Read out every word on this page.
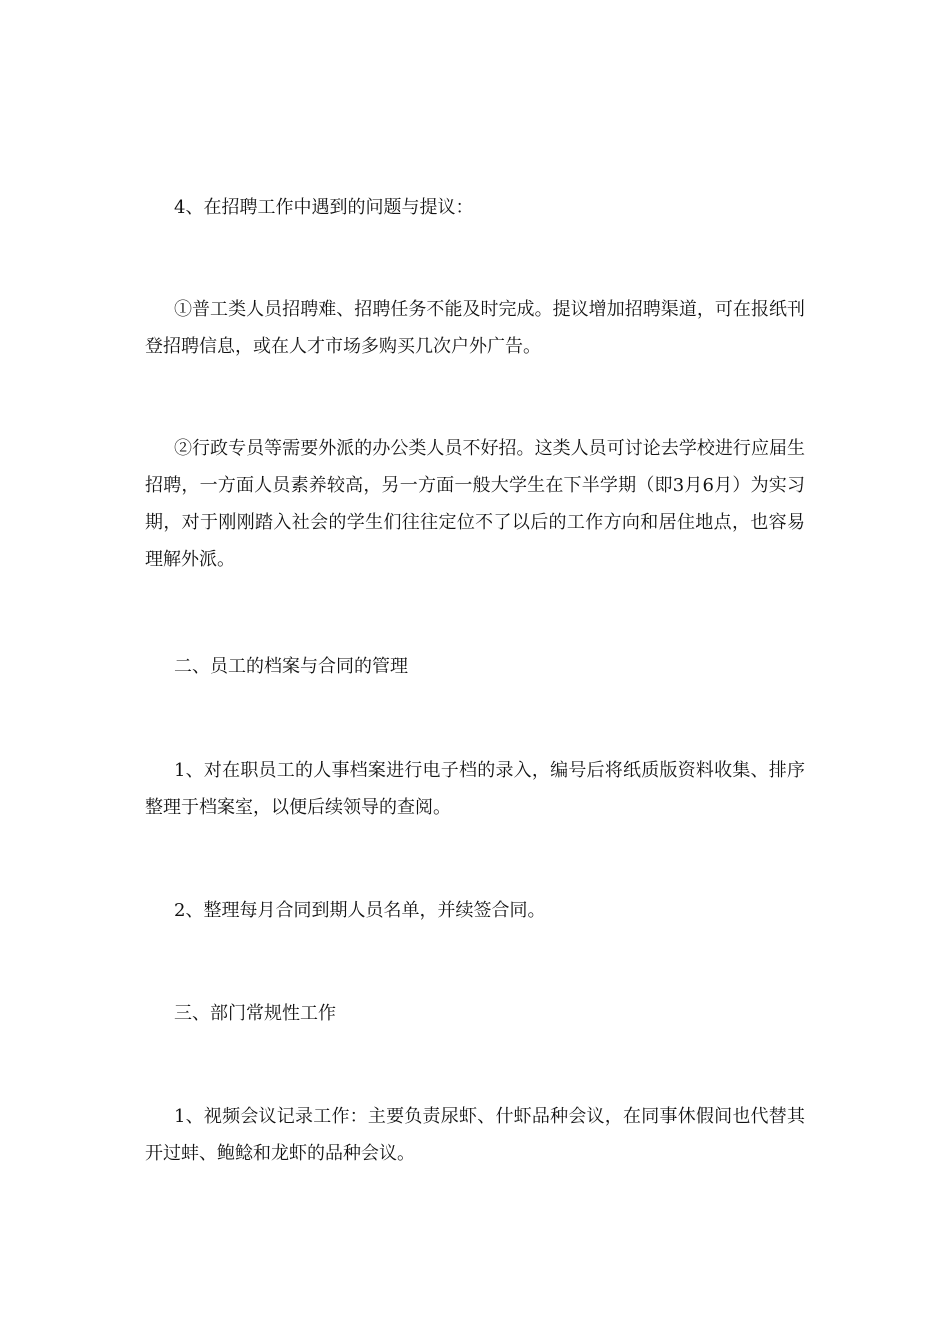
4、在招聘工作中遇到的问题与提议：

①普工类人员招聘难、招聘任务不能及时完成。提议增加招聘渠道，可在报纸刊登招聘信息，或在人才市场多购买几次户外广告。

②行政专员等需要外派的办公类人员不好招。这类人员可讨论去学校进行应届生招聘，一方面人员素养较高，另一方面一般大学生在下半学期（即3月6月）为实习期，对于刚刚踏入社会的学生们往往定位不了以后的工作方向和居住地点，也容易理解外派。

二、员工的档案与合同的管理

1、对在职员工的人事档案进行电子档的录入，编号后将纸质版资料收集、排序整理于档案室，以便后续领导的查阅。

2、整理每月合同到期人员名单，并续签合同。

三、部门常规性工作

1、视频会议记录工作：主要负责尿虾、什虾品种会议，在同事休假间也代替其开过蚌、鲍鲶和龙虾的品种会议。
